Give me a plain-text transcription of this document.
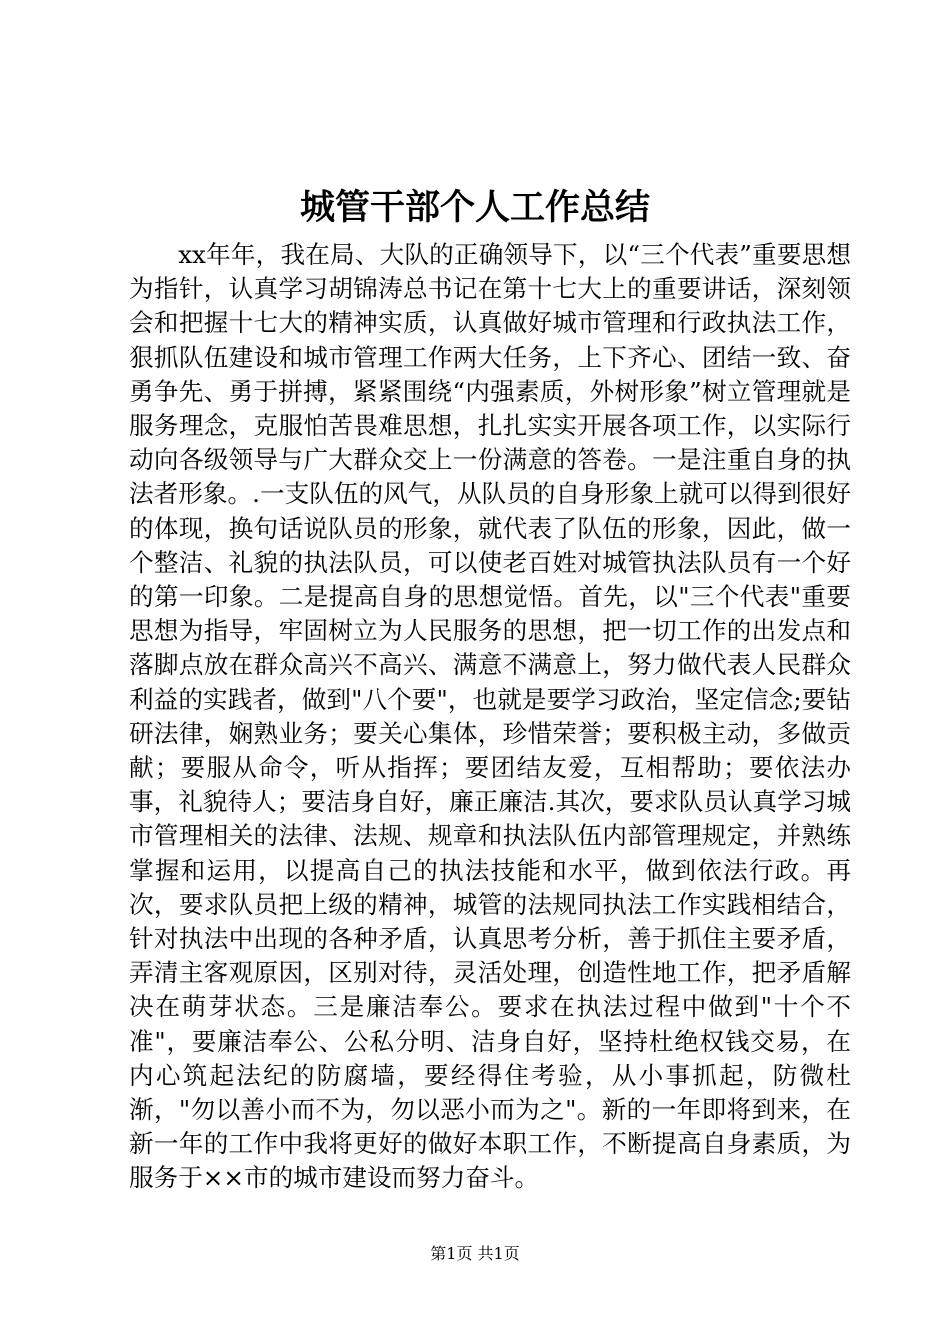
城管干部个人工作总结

xx年年，我在局、大队的正确领导下，以“三个代表”重要思想为指针，认真学习胡锦涛总书记在第十七大上的重要讲话，深刻领会和把握十七大的精神实质，认真做好城市管理和行政执法工作，狠抓队伍建设和城市管理工作两大任务，上下齐心、团结一致、奋勇争先、勇于拼搏，紧紧围绕“内强素质，外树形象”树立管理就是服务理念，克服怕苦畏难思想，扎扎实实开展各项工作，以实际行动向各级领导与广大群众交上一份满意的答卷。一是注重自身的执法者形象。.一支队伍的风气，从队员的自身形象上就可以得到很好的体现，换句话说队员的形象，就代表了队伍的形象，因此，做一个整洁、礼貌的执法队员，可以使老百姓对城管执法队员有一个好的第一印象。二是提高自身的思想觉悟。首先，以"三个代表"重要思想为指导，牢固树立为人民服务的思想，把一切工作的出发点和落脚点放在群众高兴不高兴、满意不满意上，努力做代表人民群众利益的实践者，做到"八个要"，也就是要学习政治，坚定信念;要钻研法律，娴熟业务；要关心集体，珍惜荣誉；要积极主动，多做贡献；要服从命令，听从指挥；要团结友爱，互相帮助；要依法办事，礼貌待人；要洁身自好，廉正廉洁.其次，要求队员认真学习城市管理相关的法律、法规、规章和执法队伍内部管理规定，并熟练掌握和运用，以提高自己的执法技能和水平，做到依法行政。再次，要求队员把上级的精神，城管的法规同执法工作实践相结合，针对执法中出现的各种矛盾，认真思考分析，善于抓住主要矛盾，弄清主客观原因，区别对待，灵活处理，创造性地工作，把矛盾解决在萌芽状态。三是廉洁奉公。要求在执法过程中做到"十个不准"，要廉洁奉公、公私分明、洁身自好，坚持杜绝权钱交易，在内心筑起法纪的防腐墙，要经得住考验，从小事抓起，防微杜渐，"勿以善小而不为，勿以恶小而为之"。新的一年即将到来，在新一年的工作中我将更好的做好本职工作，不断提高自身素质，为服务于××市的城市建设而努力奋斗。

第1页 共1页
